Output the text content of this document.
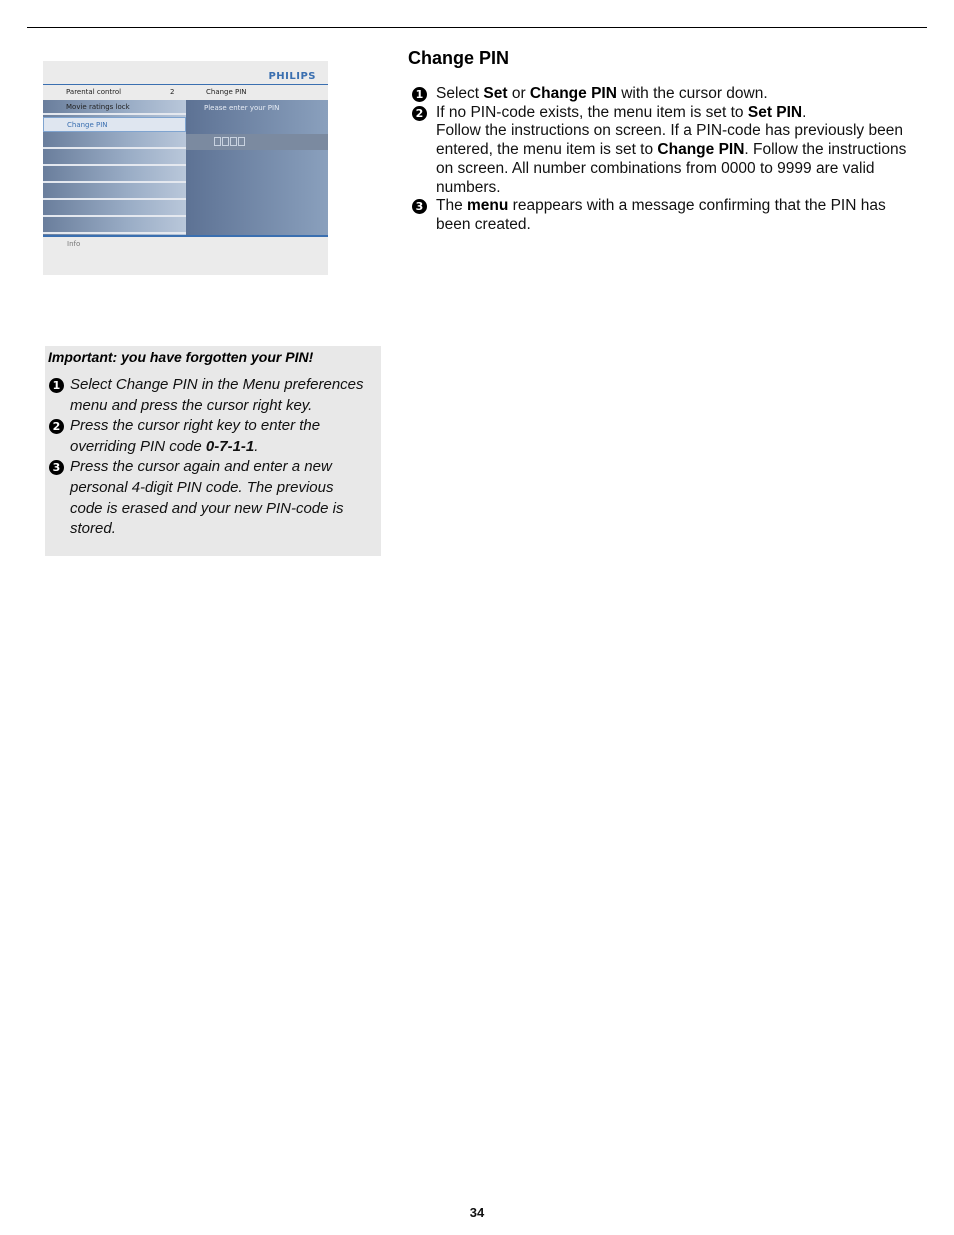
PHILIPS
Parental control	2	Change PIN
Movie ratings lock
Change PIN
Please enter your PIN
Info
Change PIN
1 Select Set or Change PIN with the cursor down.
2 If no PIN-code exists, the menu item is set to Set PIN.
Follow the instructions on screen. If a PIN-code has previously been entered, the menu item is set to Change PIN. Follow the instructions on screen. All number combinations from 0000 to 9999 are valid numbers.
3 The menu reappears with a message confirming that the PIN has been created.

Important: you have forgotten your PIN!

1 Select Change PIN in the Menu preferences menu and press the cursor right key.
2 Press the cursor right key to enter the overriding PIN code 0-7-1-1.
3 Press the cursor again and enter a new personal 4-digit PIN code. The previous code is erased and your new PIN-code is stored.
34
